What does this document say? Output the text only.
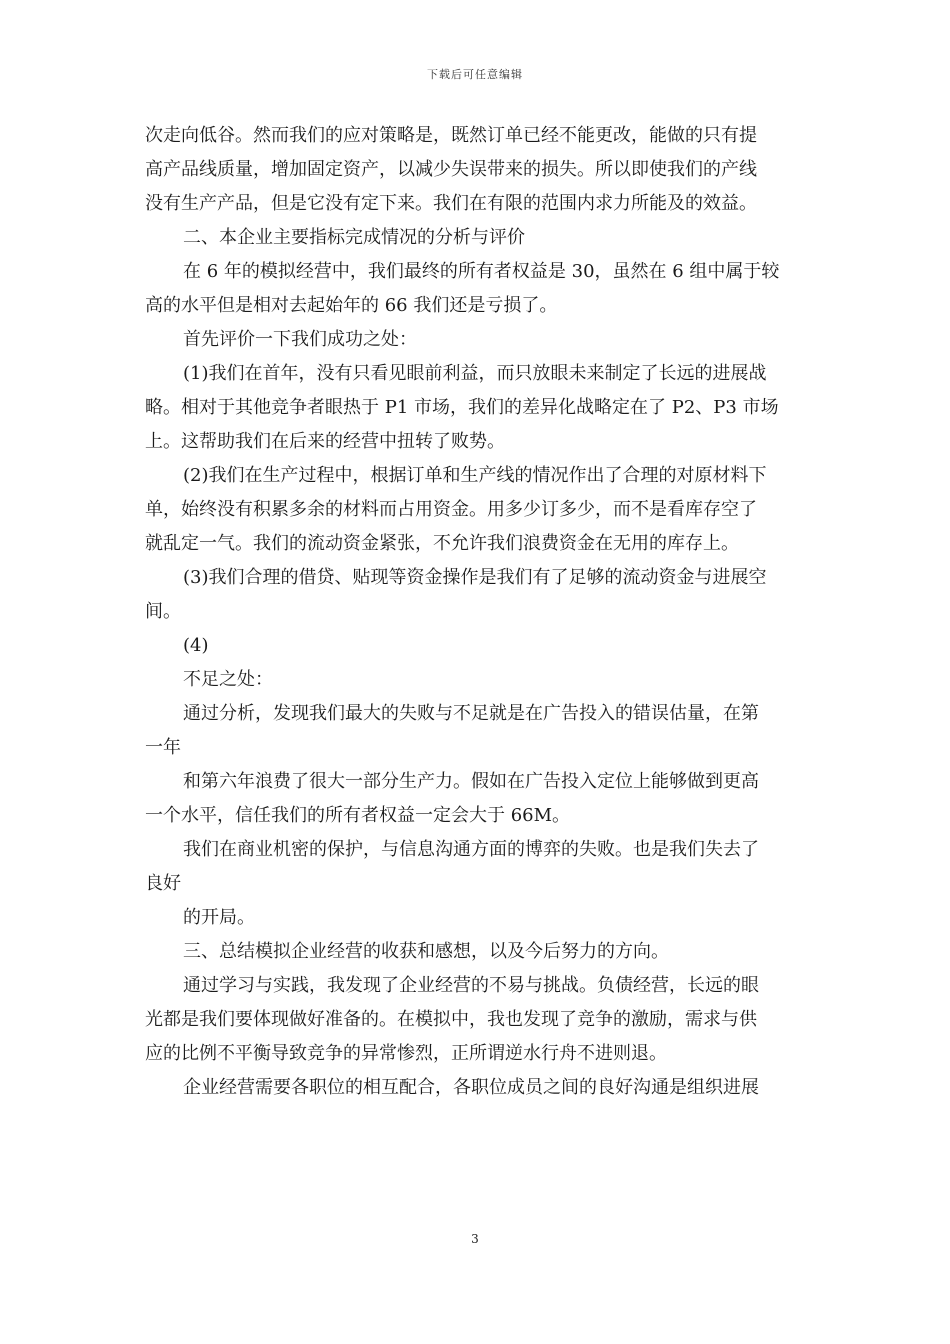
下载后可任意编辑
次走向低谷。然而我们的应对策略是，既然订单已经不能更改，能做的只有提
高产品线质量，增加固定资产，以减少失误带来的损失。所以即使我们的产线
没有生产产品，但是它没有定下来。我们在有限的范围内求力所能及的效益。
二、本企业主要指标完成情况的分析与评价
在 6 年的模拟经营中，我们最终的所有者权益是 30，虽然在 6 组中属于较
高的水平但是相对去起始年的 66 我们还是亏损了。
首先评价一下我们成功之处：
(1)我们在首年，没有只看见眼前利益，而只放眼未来制定了长远的进展战
略。相对于其他竞争者眼热于 P1 市场，我们的差异化战略定在了 P2、P3 市场
上。这帮助我们在后来的经营中扭转了败势。
(2)我们在生产过程中，根据订单和生产线的情况作出了合理的对原材料下
单，始终没有积累多余的材料而占用资金。用多少订多少，而不是看库存空了
就乱定一气。我们的流动资金紧张，不允许我们浪费资金在无用的库存上。
(3)我们合理的借贷、贴现等资金操作是我们有了足够的流动资金与进展空
间。
(4)
不足之处：
通过分析，发现我们最大的失败与不足就是在广告投入的错误估量，在第
一年
和第六年浪费了很大一部分生产力。假如在广告投入定位上能够做到更高
一个水平，信任我们的所有者权益一定会大于 66M。
我们在商业机密的保护，与信息沟通方面的博弈的失败。也是我们失去了
良好
的开局。
三、总结模拟企业经营的收获和感想，以及今后努力的方向。
通过学习与实践，我发现了企业经营的不易与挑战。负债经营，长远的眼
光都是我们要体现做好准备的。在模拟中，我也发现了竞争的激励，需求与供
应的比例不平衡导致竞争的异常惨烈，正所谓逆水行舟不进则退。
企业经营需要各职位的相互配合，各职位成员之间的良好沟通是组织进展
3
